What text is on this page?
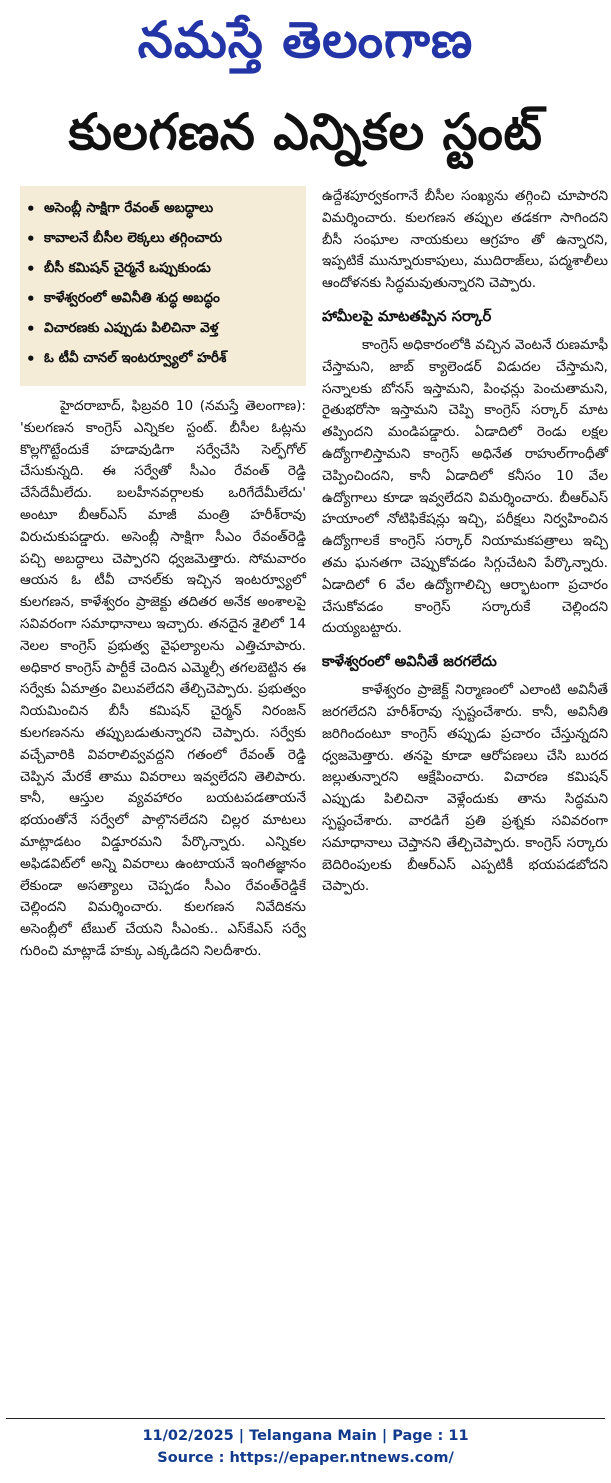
నమస్తే తెలంగాణ
కులగణన ఎన్నికల స్టంట్
• అసెంబ్లీ సాక్షిగా రేవంత్ అబద్ధాలు
• కావాలనే బీసీల లెక్కలు తగ్గించారు
• బీసీ కమిషన్ చైర్మనే ఒప్పుకుండు
• కాళేశ్వరంలో అవినీతి శుద్ధ అబద్ధం
• విచారణకు ఎప్పుడు పిలిచినా వెళ్త
• ఓ టీవీ చానల్ ఇంటర్వ్యూలో హరీశ్

హైదరాబాద్, ఫిబ్రవరి 10 (నమస్తే తెలంగాణ): 'కులగణన కాంగ్రెస్ ఎన్నికల స్టంట్. బీసీల ఓట్లను కొల్లగొట్టేందుకే హడావుడిగా సర్వేచేసి సెల్ఫ్‌గోల్ చేసుకున్నది. ఈ సర్వేతో సీఎం రేవంత్ రెడ్డి చేసేదేమీలేదు. బలహీనవర్గాలకు ఒరిగేదేమీలేదు' అంటూ బీఆర్ఎస్ మాజీ మంత్రి హరీశ్‌రావు విరుచుకుపడ్డారు. అసెంబ్లీ సాక్షిగా సీఎం రేవంత్‌రెడ్డి పచ్చి అబద్ధాలు చెప్పారని ధ్వజమెత్తారు. సోమవారం ఆయన ఓ టీవీ చానల్‌కు ఇచ్చిన ఇంటర్వ్యూలో కులగణన, కాళేశ్వరం ప్రాజెక్టు తదితర అనేక అంశాలపై సవివరంగా సమాధానాలు ఇచ్చారు. తనదైన శైలిలో 14 నెలల కాంగ్రెస్ ప్రభుత్వ వైఫల్యాలను ఎత్తిచూపారు. అధికార కాంగ్రెస్ పార్టీకే చెందిన ఎమ్మెల్సీ తగలబెట్టిన ఈ సర్వేకు ఏమాత్రం విలువలేదని తేల్చిచెప్పారు. ప్రభుత్వం నియమించిన బీసీ కమిషన్ చైర్మన్ నిరంజన్ కులగణనను తప్పుబడుతున్నారని చెప్పారు. సర్వేకు వచ్చేవారికి వివరాలివ్వవద్దని గతంలో రేవంత్ రెడ్డి చెప్పిన మేరకే తాము వివరాలు ఇవ్వలేదని తెలిపారు. కానీ, ఆస్తుల వ్యవహారం బయటపడతాయనే భయంతోనే సర్వేలో పాల్గొనలేదని చిల్లర మాటలు మాట్లాడటం విడ్డూరమని పేర్కొన్నారు. ఎన్నికల అఫిడవిట్‌లో అన్ని వివరాలు ఉంటాయనే ఇంగితజ్ఞానం లేకుండా అసత్యాలు చెప్పడం సీఎం రేవంత్‌రెడ్డికే చెల్లిందని విమర్శించారు. కులగణన నివేదికను అసెంబ్లీలో టేబుల్ చేయని సీఎంకు.. ఎస్‌కేఎస్ సర్వే గురించి మాట్లాడే హక్కు ఎక్కడిదని నిలదీశారు.

ఉద్దేశపూర్వకంగానే బీసీల సంఖ్యను తగ్గించి చూపారని విమర్శించారు. కులగణన తప్పుల తడకగా సాగిందని బీసీ సంఘాల నాయకులు ఆగ్రహం తో ఉన్నారని, ఇప్పటికే మున్నూరుకాపులు, ముదిరాజ్‌లు, పద్మశాలీలు ఆందోళనకు సిద్ధమవుతున్నారని చెప్పారు.

హామీలపై మాటతప్పిన సర్కార్

కాంగ్రెస్ అధికారంలోకి వచ్చిన వెంటనే రుణమాఫీ చేస్తామని, జాబ్ క్యాలెండర్ విడుదల చేస్తామని, సన్నాలకు బోనస్ ఇస్తామని, పింఛన్లు పెంచుతామని, రైతుభరోసా ఇస్తామని చెప్పి కాంగ్రెస్ సర్కార్ మాట తప్పిందని మండిపడ్డారు. ఏడాదిలో రెండు లక్షల ఉద్యోగాలిస్తామని కాంగ్రెస్ అధినేత రాహుల్‌గాంధీతో చెప్పించిందని, కానీ ఏడాదిలో కనీసం 10 వేల ఉద్యోగాలు కూడా ఇవ్వలేదని విమర్శించారు. బీఆర్ఎస్ హయాంలో నోటిఫికేషన్లు ఇచ్చి, పరీక్షలు నిర్వహించిన ఉద్యోగాలకే కాంగ్రెస్ సర్కార్ నియామకపత్రాలు ఇచ్చి తమ ఘనతగా చెప్పుకోవడం సిగ్గుచేటని పేర్కొన్నారు. ఏడాదిలో 6 వేల ఉద్యోగాలిచ్చి ఆర్భాటంగా ప్రచారం చేసుకోవడం కాంగ్రెస్ సర్కారుకే చెల్లిందని దుయ్యబట్టారు.

కాళేశ్వరంలో అవినీతే జరగలేదు

కాళేశ్వరం ప్రాజెక్ట్ నిర్మాణంలో ఎలాంటి అవినీతే జరగలేదని హరీశ్‌రావు స్పష్టంచేశారు. కానీ, అవినీతి జరిగిందంటూ కాంగ్రెస్ తప్పుడు ప్రచారం చేస్తున్నదని ధ్వజమెత్తారు. తనపై కూడా ఆరోపణలు చేసి బురద జల్లుతున్నారని ఆక్షేపించారు. విచారణ కమిషన్ ఎప్పుడు పిలిచినా వెళ్లేందుకు తాను సిద్ధమని స్పష్టంచేశారు. వారడిగే ప్రతి ప్రశ్నకు సవివరంగా సమాధానాలు చెప్తానని తేల్చిచెప్పారు. కాంగ్రెస్ సర్కారు బెదిరింపులకు బీఆర్ఎస్ ఎప్పటికీ భయపడబోదని చెప్పారు.

11/02/2025 | Telangana Main | Page : 11
Source : https://epaper.ntnews.com/
